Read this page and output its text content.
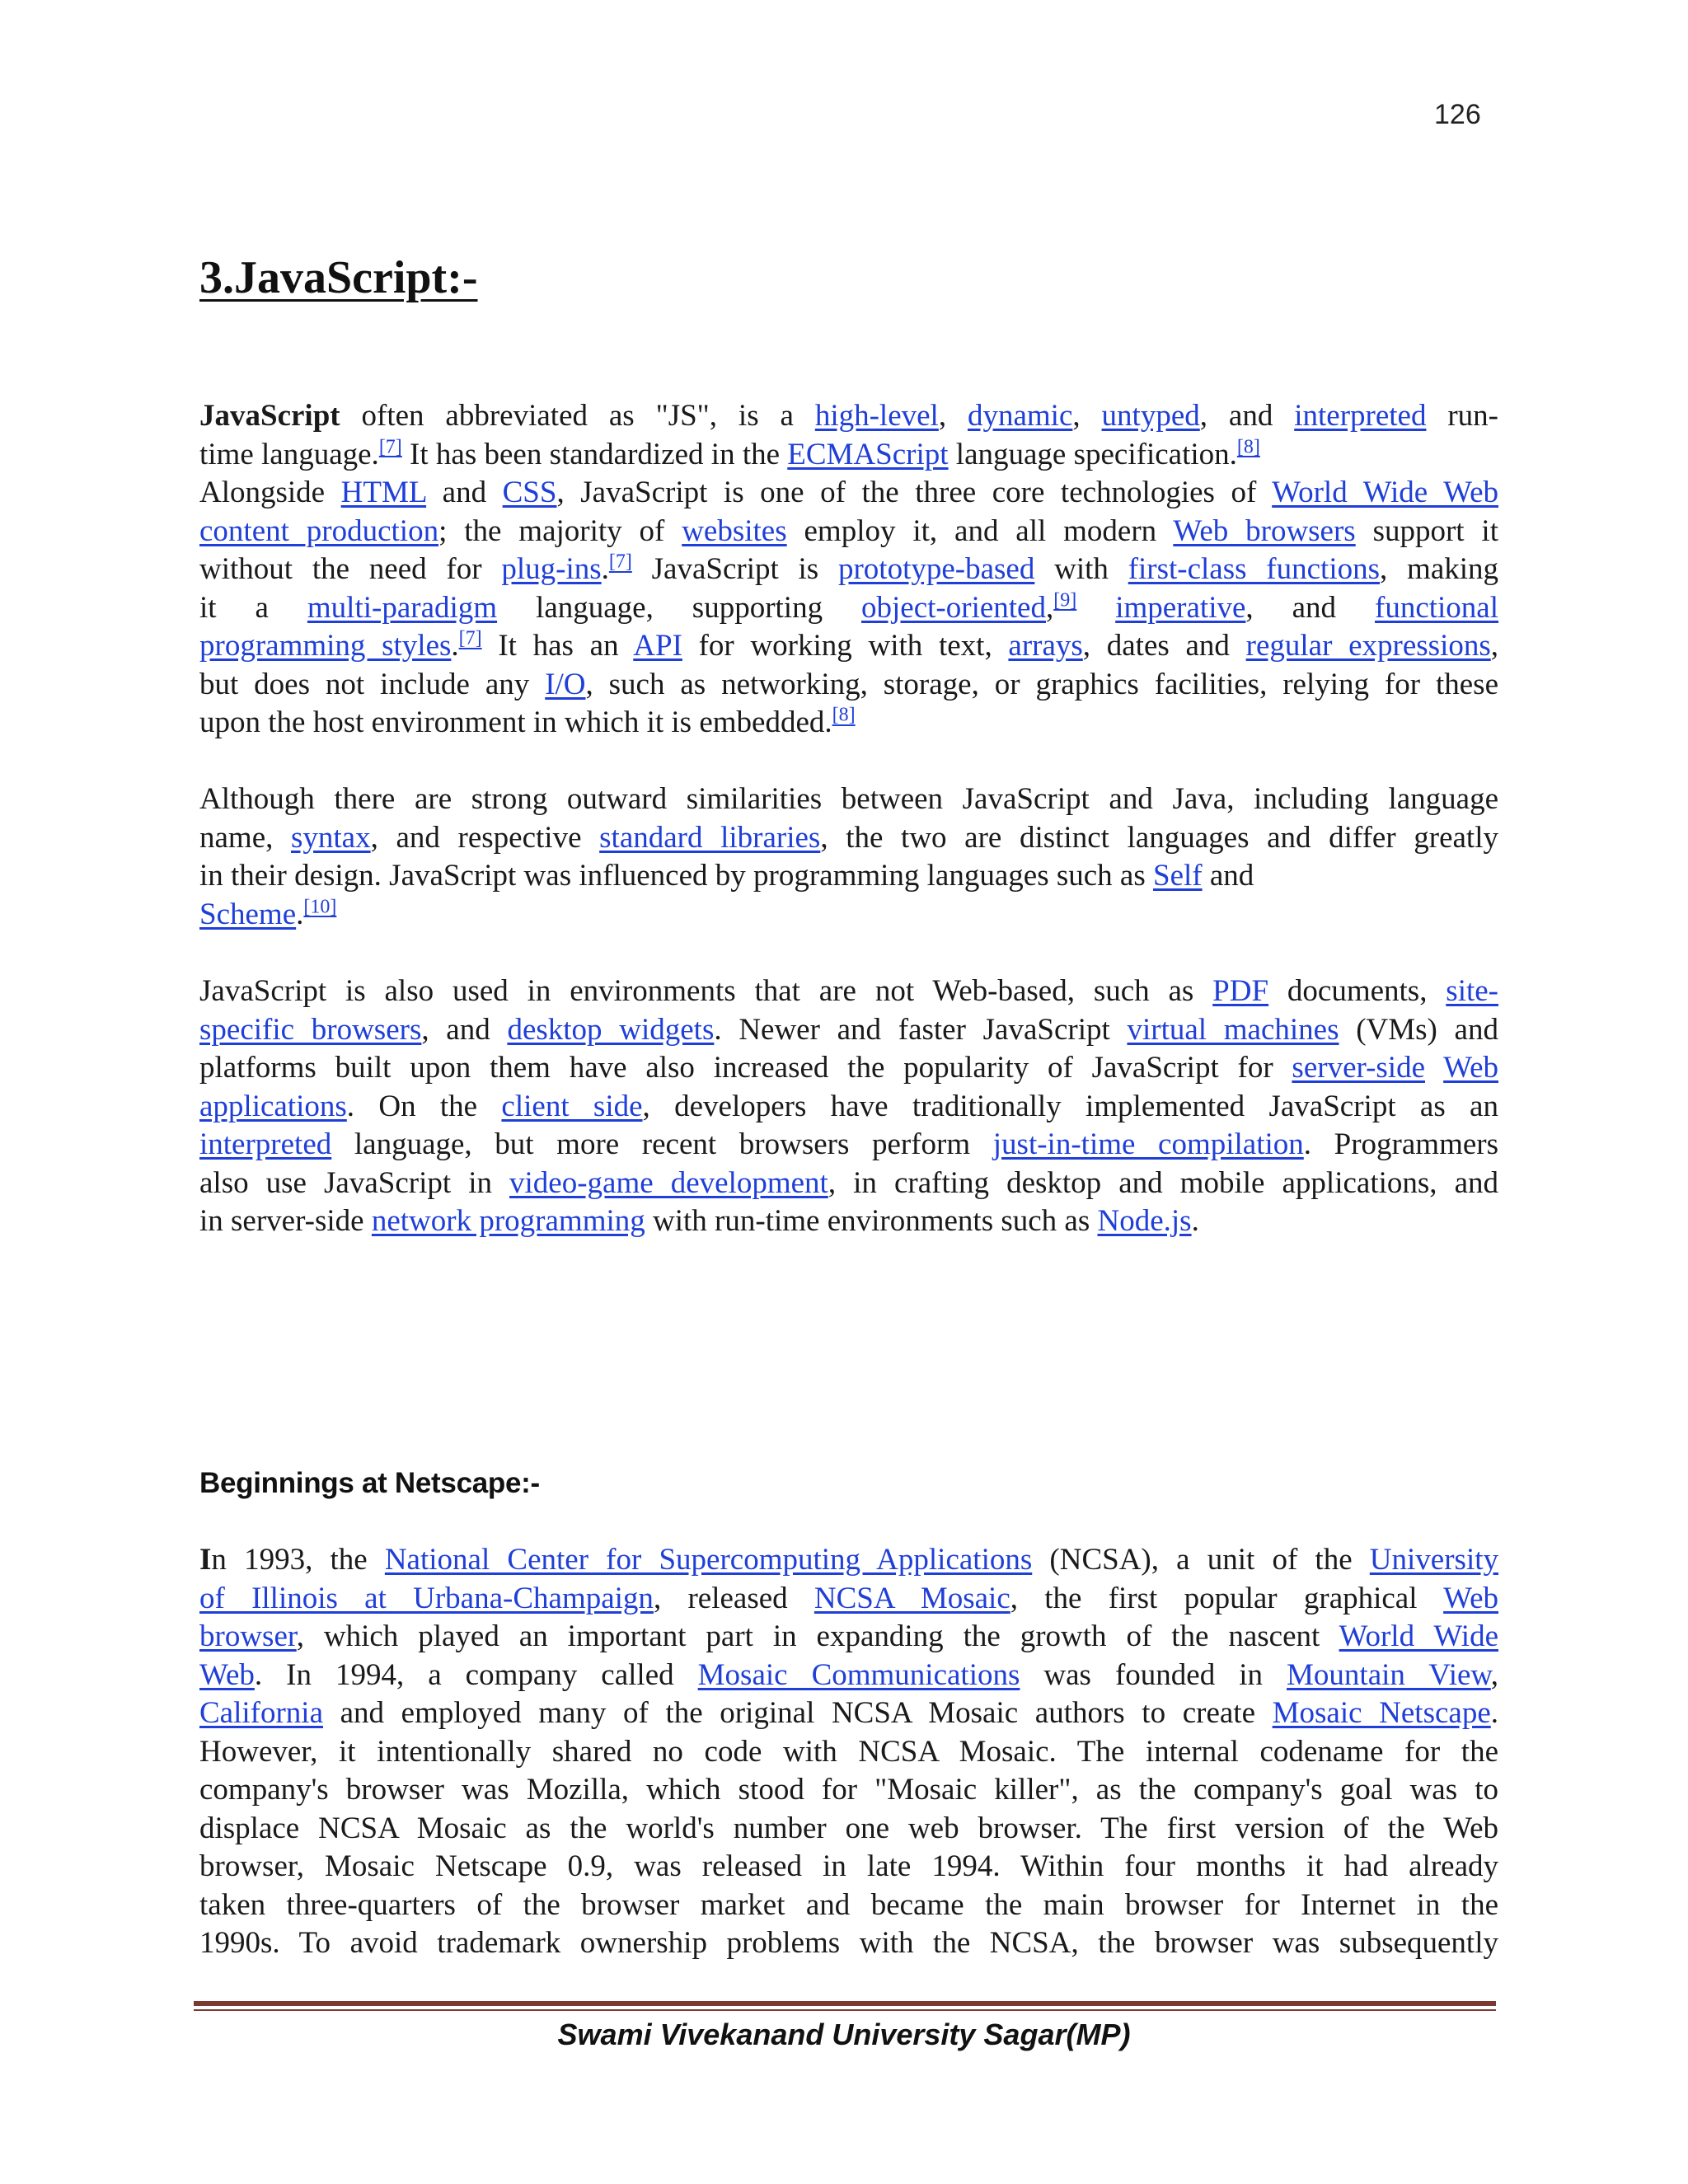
126
3.JavaScript:-
JavaScript often abbreviated as "JS", is a high-level, dynamic, untyped, and interpreted run-
time language.[7] It has been standardized in the ECMAScript language specification.[8]
Alongside HTML and CSS, JavaScript is one of the three core technologies of World Wide Web
content production; the majority of websites employ it, and all modern Web browsers support it
without the need for plug-ins.[7] JavaScript is prototype-based with first-class functions, making
it a multi-paradigm language, supporting object-oriented,[9] imperative, and functional
programming styles.[7] It has an API for working with text, arrays, dates and regular expressions,
but does not include any I/O, such as networking, storage, or graphics facilities, relying for these
upon the host environment in which it is embedded.[8]
Although there are strong outward similarities between JavaScript and Java, including language
name, syntax, and respective standard libraries, the two are distinct languages and differ greatly
in their design. JavaScript was influenced by programming languages such as Self and
Scheme.[10]
JavaScript is also used in environments that are not Web-based, such as PDF documents, site-
specific browsers, and desktop widgets. Newer and faster JavaScript virtual machines (VMs) and
platforms built upon them have also increased the popularity of JavaScript for server-side Web
applications. On the client side, developers have traditionally implemented JavaScript as an
interpreted language, but more recent browsers perform just-in-time compilation. Programmers
also use JavaScript in video-game development, in crafting desktop and mobile applications, and
in server-side network programming with run-time environments such as Node.js.
Beginnings at Netscape:-
In 1993, the National Center for Supercomputing Applications (NCSA), a unit of the University
of Illinois at Urbana-Champaign, released NCSA Mosaic, the first popular graphical Web
browser, which played an important part in expanding the growth of the nascent World Wide
Web. In 1994, a company called Mosaic Communications was founded in Mountain View,
California and employed many of the original NCSA Mosaic authors to create Mosaic Netscape.
However, it intentionally shared no code with NCSA Mosaic. The internal codename for the
company's browser was Mozilla, which stood for "Mosaic killer", as the company's goal was to
displace NCSA Mosaic as the world's number one web browser. The first version of the Web
browser, Mosaic Netscape 0.9, was released in late 1994. Within four months it had already
taken three-quarters of the browser market and became the main browser for Internet in the
1990s. To avoid trademark ownership problems with the NCSA, the browser was subsequently
Swami Vivekanand University Sagar(MP)
